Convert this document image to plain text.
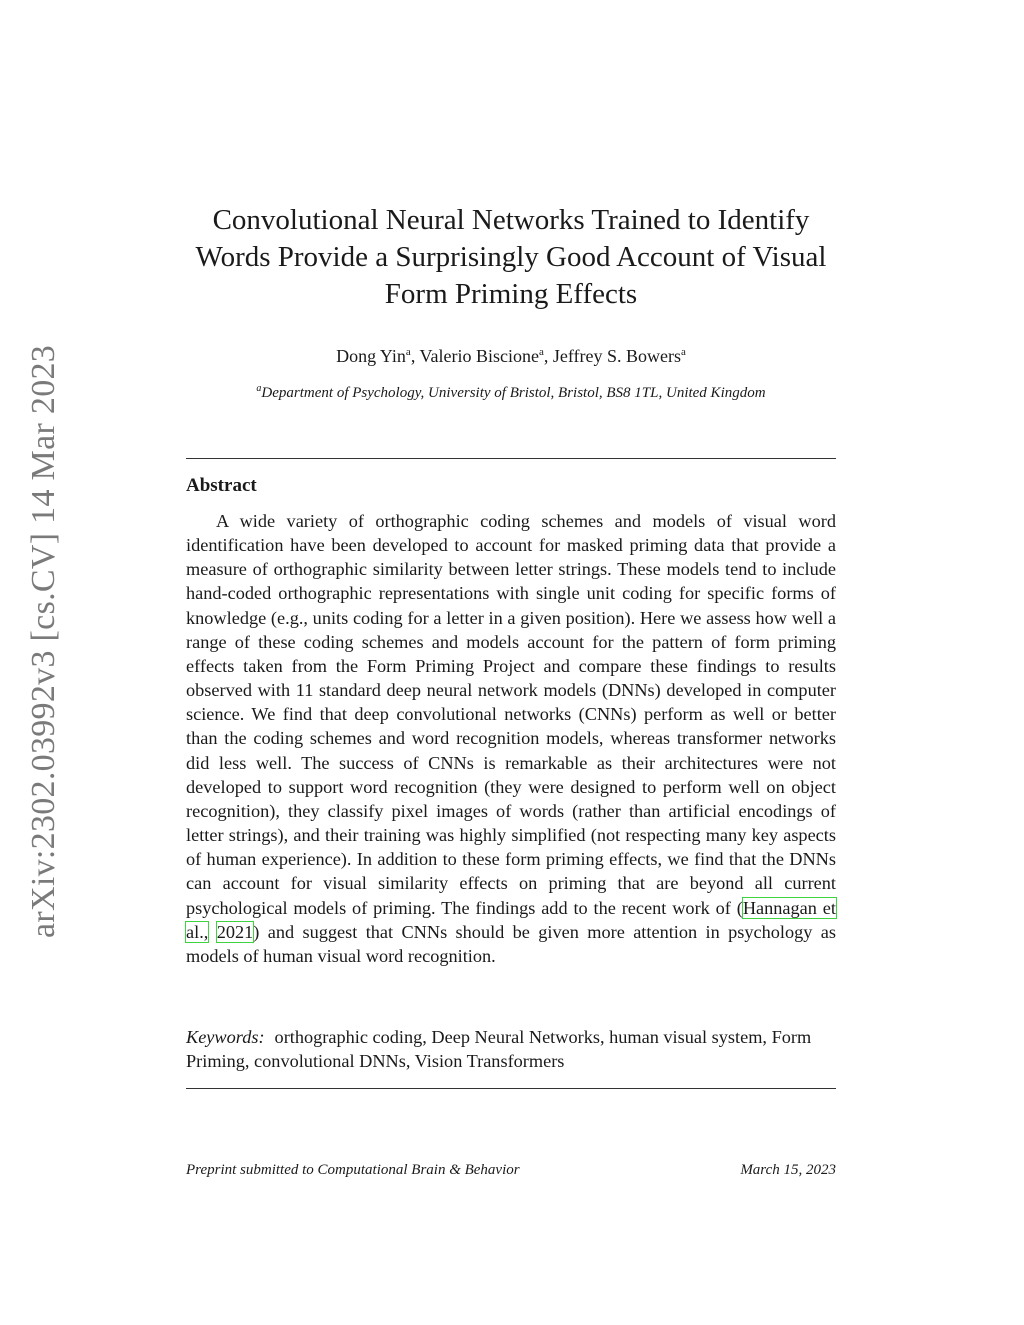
arXiv:2302.03992v3 [cs.CV] 14 Mar 2023
Convolutional Neural Networks Trained to Identify
Words Provide a Surprisingly Good Account of Visual
Form Priming Effects
Dong Yin$^a$, Valerio Biscione$^a$, Jeffrey S. Bowers$^a$
$^a$Department of Psychology, University of Bristol, Bristol, BS8 1TL, United Kingdom
Abstract

A wide variety of orthographic coding schemes and models of visual word identification have been developed to account for masked priming data that provide a measure of orthographic similarity between letter strings. These models tend to include hand-coded orthographic representations with single unit coding for specific forms of knowledge (e.g., units coding for a letter in a given position). Here we assess how well a range of these coding schemes and models account for the pattern of form priming effects taken from the Form Priming Project and compare these findings to results observed with 11 standard deep neural network models (DNNs) developed in computer science. We find that deep convolutional networks (CNNs) perform as well or better than the coding schemes and word recognition models, whereas transformer networks did less well. The success of CNNs is remarkable as their architectures were not developed to support word recognition (they were designed to perform well on object recognition), they classify pixel images of words (rather than artificial encodings of letter strings), and their training was highly simplified (not respecting many key aspects of human experience). In addition to these form priming effects, we find that the DNNs can account for visual similarity effects on priming that are beyond all current psychological models of priming. The findings add to the recent work of (Hannagan et al., 2021) and suggest that CNNs should be given more attention in psychology as models of human visual word recognition.

Keywords: orthographic coding, Deep Neural Networks, human visual system, Form Priming, convolutional DNNs, Vision Transformers

Preprint submitted to Computational Brain & Behavior	March 15, 2023
